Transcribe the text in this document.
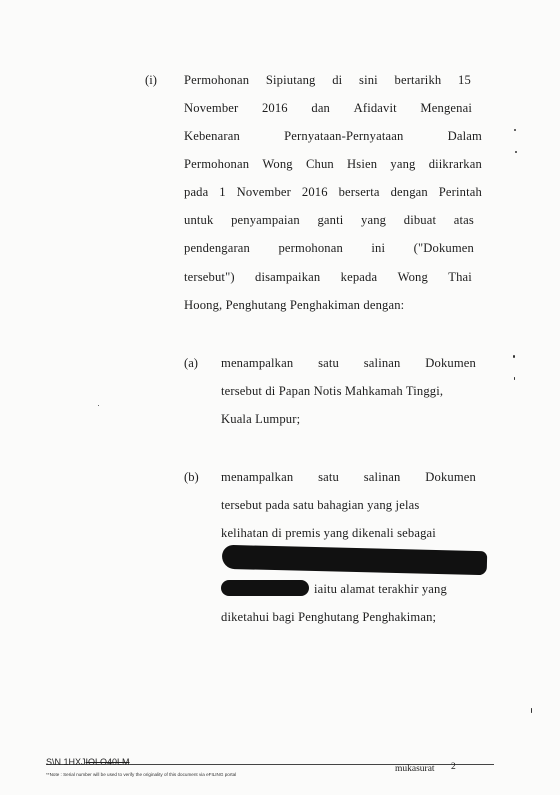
(i) Permohonan Sipiutang di sini bertarikh 15
November 2016 dan Afidavit Mengenai
Kebenaran	Pernyataan-Pernyataan	Dalam
Permohonan Wong Chun Hsien yang diikrarkan
pada 1 November 2016 berserta dengan Perintah
untuk penyampaian ganti yang dibuat atas
pendengaran permohonan ini ("Dokumen
tersebut") disampaikan kepada Wong Thai
Hoong, Penghutang Penghakiman dengan:
(a) menampalkan satu salinan Dokumen
tersebut di Papan Notis Mahkamah Tinggi,
Kuala Lumpur;
(b) menampalkan satu salinan Dokumen
tersebut pada satu bahagian yang jelas
kelihatan di premis yang dikenali sebagai
iaitu alamat terakhir yang
diketahui bagi Penghutang Penghakiman;
S\N 1HXJIOLO40LM
**Note : Serial number will be used to verify the originality of this document via eFILING portal
mukasurat 2
